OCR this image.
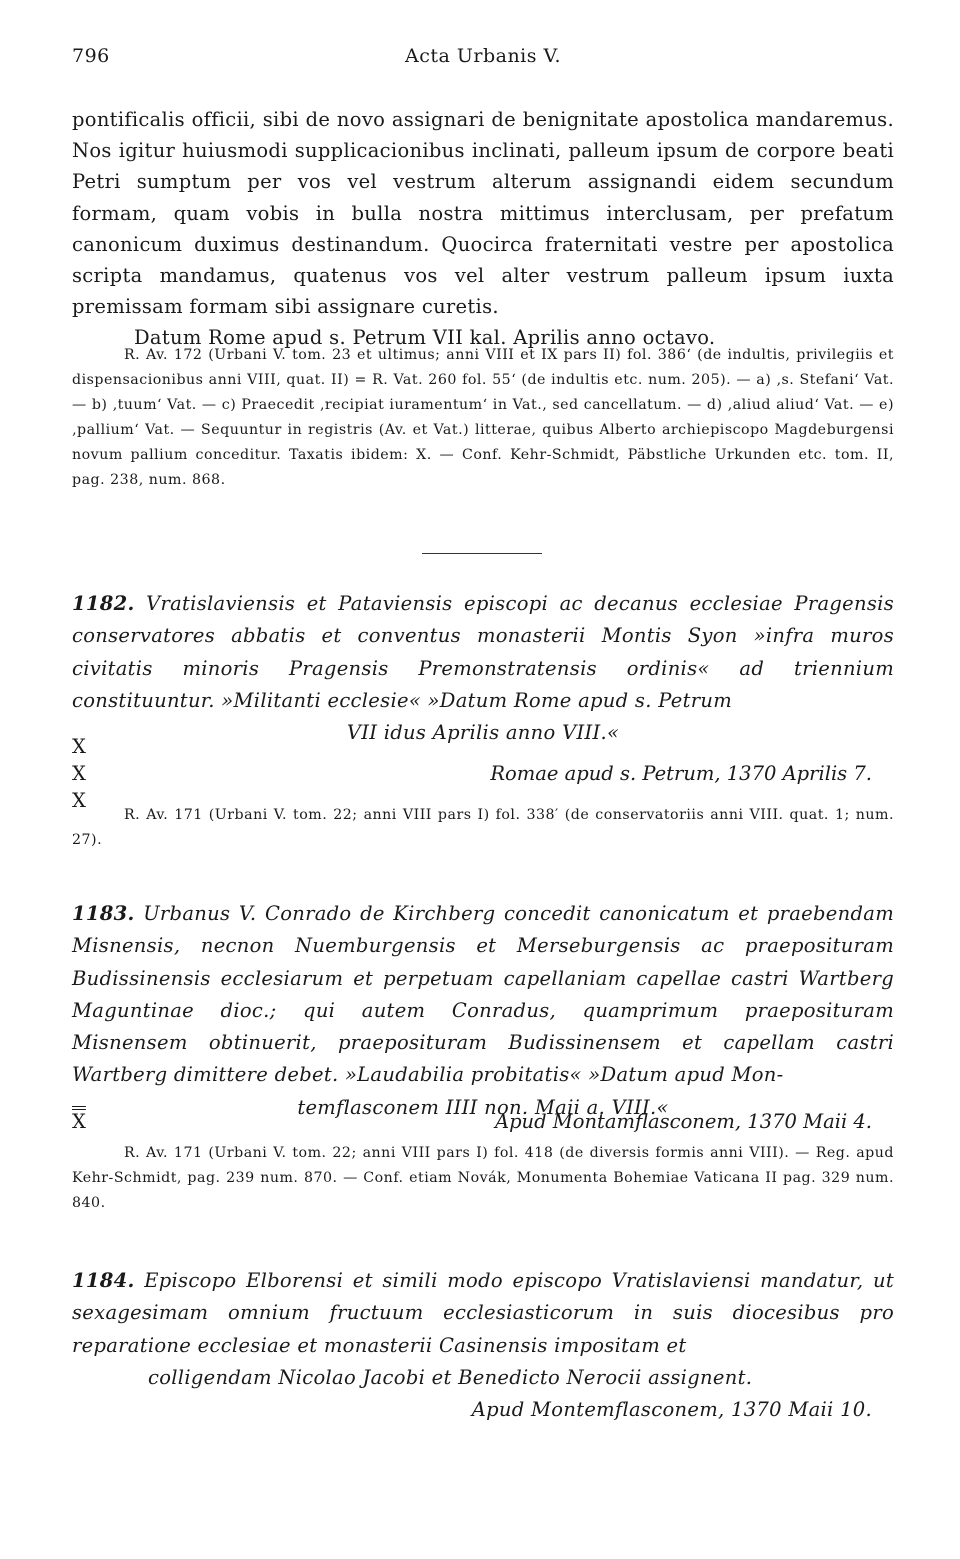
796	Acta Urbanis V.
pontificalis officii, sibi de novo assignari de benignitate apostolica mandaremus. Nos igitur huiusmodi supplicacionibus inclinati, palleum ipsum de corpore beati Petri sumptum per vos vel vestrum alterum assignandi eidem secundum formam, quam vobis in bulla nostra mittimus interclusam, per prefatum canonicum duximus destinandum. Quocirca fraternitati vestre per apostolica scripta mandamus, quatenus vos vel alter vestrum palleum ipsum iuxta premissam formam sibi assignare curetis.
Datum Rome apud s. Petrum VII kal. Aprilis anno octavo.

R. Av. 172 (Urbani V. tom. 23 et ultimus; anni VIII et IX pars II) fol. 386‘ (de indultis, privilegiis et dispensacionibus anni VIII, quat. II) = R. Vat. 260 fol. 55‘ (de indultis etc. num. 205). — a) ‚s. Stefani‘ Vat. — b) ‚tuum‘ Vat. — c) Praecedit ‚recipiat iuramentum‘ in Vat., sed cancellatum. — d) ‚aliud aliud‘ Vat. — e) ‚pallium‘ Vat. — Sequuntur in registris (Av. et Vat.) litterae, quibus Alberto archiepiscopo Magdeburgensi novum pallium conceditur. Taxatis ibidem: X. — Conf. Kehr-Schmidt, Päbstliche Urkunden etc. tom. II, pag. 238, num. 868.

1182. Vratislaviensis et Pataviensis episcopi ac decanus ecclesiae Pragensis conservatores abbatis et conventus monasterii Montis Syon »infra muros civitatis minoris Pragensis Premonstratensis ordinis« ad triennium constituuntur. »Militanti ecclesie« »Datum Rome apud s. Petrum
VII idus Aprilis anno VIII.«
X
X	Romae apud s. Petrum, 1370 Aprilis 7.
X

R. Av. 171 (Urbani V. tom. 22; anni VIII pars I) fol. 338′ (de conservatoriis anni VIII. quat. 1; num. 27).

1183. Urbanus V. Conrado de Kirchberg concedit canonicatum et praebendam Misnensis, necnon Nuemburgensis et Merseburgensis ac praeposituram Budissinensis ecclesiarum et perpetuam capellaniam capellae castri Wartberg Maguntinae dioc.; qui autem Conradus, quamprimum praeposituram Misnensem obtinuerit, praeposituram Budissinensem et capellam castri Wartberg dimittere debet. »Laudabilia probitatis« »Datum apud Mon-
temflasconem IIII non. Maii a. VIII.«
X	Apud Montamflasconem, 1370 Maii 4.

R. Av. 171 (Urbani V. tom. 22; anni VIII pars I) fol. 418 (de diversis formis anni VIII). — Reg. apud Kehr-Schmidt, pag. 239 num. 870. — Conf. etiam Novák, Monumenta Bohemiae Vaticana II pag. 329 num. 840.

1184. Episcopo Elborensi et simili modo episcopo Vratislaviensi mandatur, ut sexagesimam omnium fructuum ecclesiasticorum in suis diocesibus pro reparatione ecclesiae et monasterii Casinensis impositam et
colligendam Nicolao Jacobi et Benedicto Nerocii assignent.
Apud Montemflasconem, 1370 Maii 10.
